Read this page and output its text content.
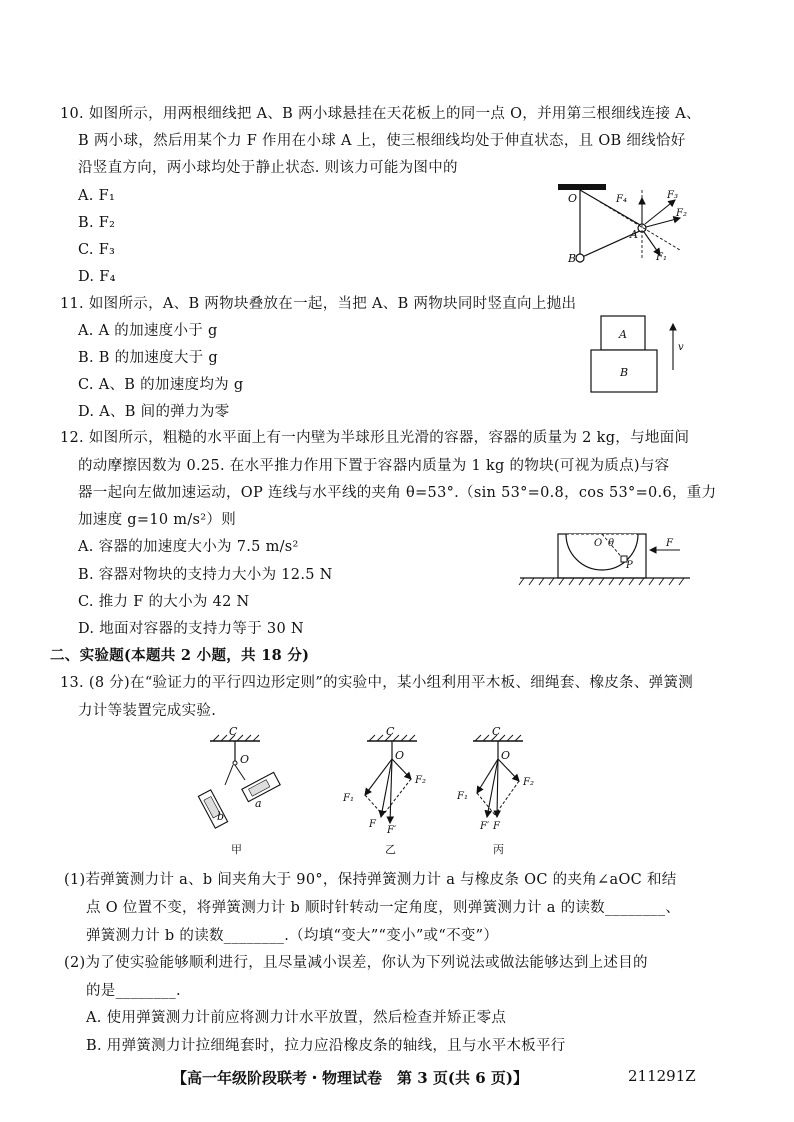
10. 如图所示，用两根细线把 A、B 两小球悬挂在天花板上的同一点 O，并用第三根细线连接 A、
B 两小球，然后用某个力 F 作用在小球 A 上，使三根细线均处于伸直状态，且 OB 细线恰好
沿竖直方向，两小球均处于静止状态. 则该力可能为图中的
A. F₁
B. F₂
C. F₃
D. F₄
O
B
A
F₄	F₃
F₂
F₁
11. 如图所示，A、B 两物块叠放在一起，当把 A、B 两物块同时竖直向上抛出
A. A 的加速度小于 g
B. B 的加速度大于 g
C. A、B 的加速度均为 g
D. A、B 间的弹力为零
A
B
v
12. 如图所示，粗糙的水平面上有一内壁为半球形且光滑的容器，容器的质量为 2 kg，与地面间
的动摩擦因数为 0.25. 在水平推力作用下置于容器内质量为 1 kg 的物块(可视为质点)与容
器一起向左做加速运动，OP 连线与水平线的夹角 θ=53°.（sin 53°=0.8，cos 53°=0.6，重力
加速度 g=10 m/s²）则
A. 容器的加速度大小为 7.5 m/s²
B. 容器对物块的支持力大小为 12.5 N
C. 推力 F 的大小为 42 N
D. 地面对容器的支持力等于 30 N
O θ
P
F
二、实验题(本题共 2 小题，共 18 分)
13. (8 分)在“验证力的平行四边形定则”的实验中，某小组利用平木板、细绳套、橡皮条、弹簧测
力计等装置完成实验.
C
O
a
b
甲
C
O
F₁
F₂
F
F′
乙
C
O
F₁
F₂
F′ F
丙
(1)若弹簧测力计 a、b 间夹角大于 90°，保持弹簧测力计 a 与橡皮条 OC 的夹角∠aOC 和结
点 O 位置不变，将弹簧测力计 b 顺时针转动一定角度，则弹簧测力计 a 的读数________、
弹簧测力计 b 的读数________.（均填“变大”“变小”或“不变”）
(2)为了使实验能够顺利进行，且尽量减小误差，你认为下列说法或做法能够达到上述目的
的是________.
A. 使用弹簧测力计前应将测力计水平放置，然后检查并矫正零点
B. 用弹簧测力计拉细绳套时，拉力应沿橡皮条的轴线，且与水平木板平行
【高一年级阶段联考・物理试卷　第 3 页(共 6 页)】	211291Z
